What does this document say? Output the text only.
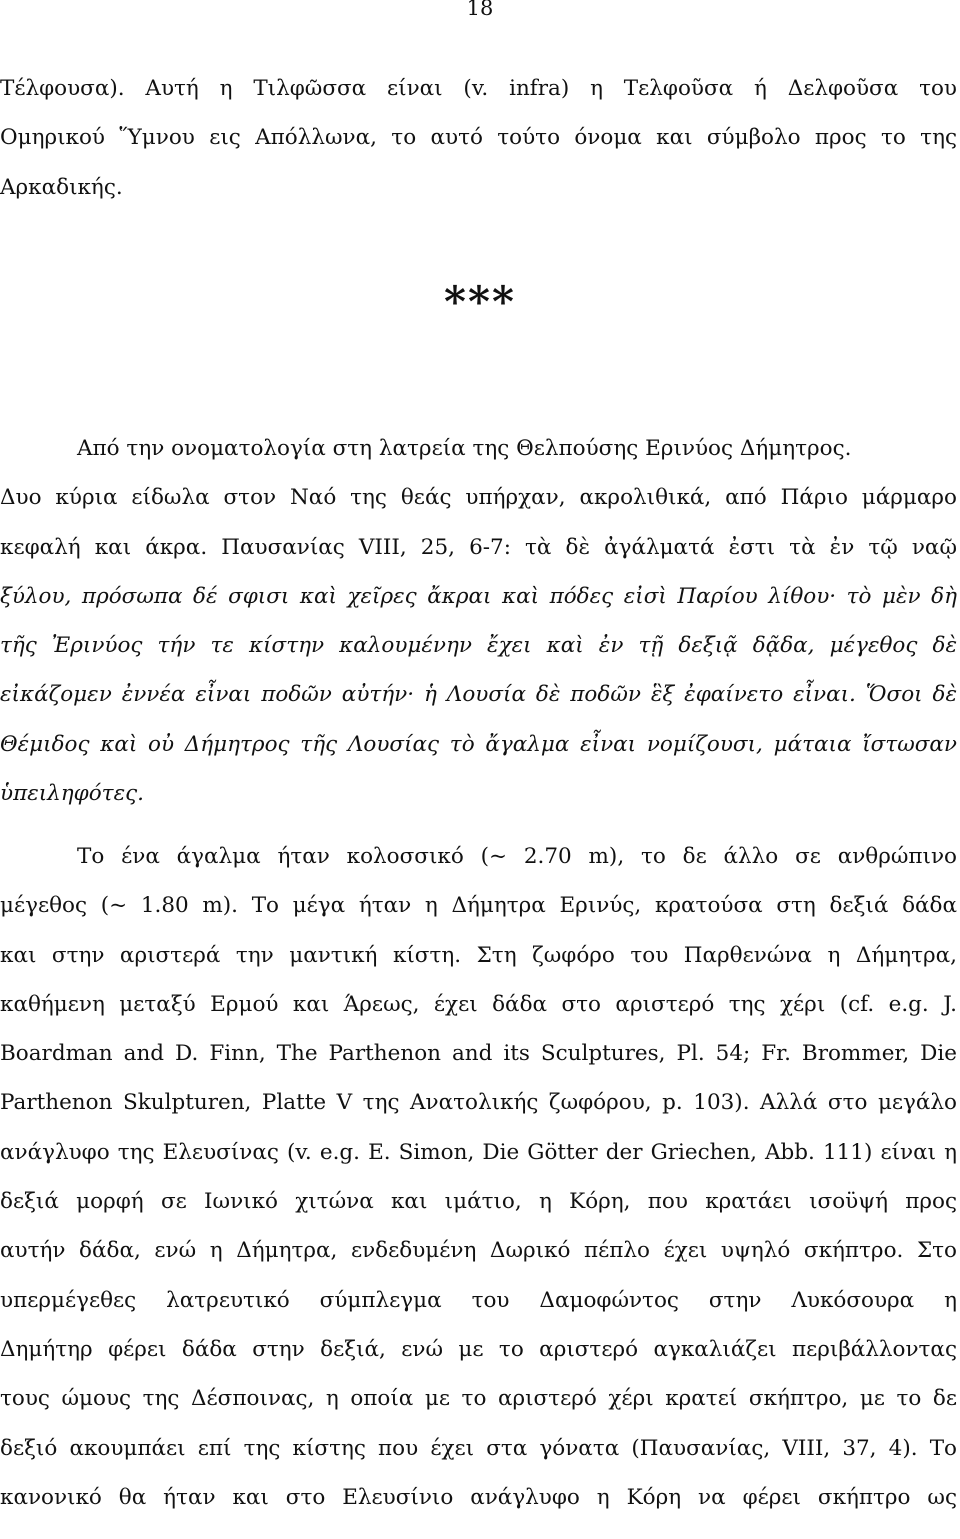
18
Τέλφουσα). Αυτή η Τιλφῶσσα είναι (v. infra) η Τελφοῦσα ή Δελφοῦσα του
Ομηρικού Ὕμνου εις Απόλλωνα, το αυτό τούτο όνομα και σύμβολο προς το της
Αρκαδικής.
***
Από την ονοματολογία στη λατρεία της Θελπούσης Ερινύος Δήμητρος.
Δυο κύρια είδωλα στον Ναό της θεάς υπήρχαν, ακρολιθικά, από Πάριο μάρμαρο
κεφαλή και άκρα. Παυσανίας VIII, 25, 6-7: τὰ δὲ ἀγάλματά ἐστι τὰ ἐν τῷ ναῷ
ξύλου, πρόσωπα δέ σφισι καὶ χεῖρες ἄκραι καὶ πόδες εἰσὶ Παρίου λίθου· τὸ μὲν δὴ
τῆς Ἐρινύος τήν τε κίστην καλουμένην ἔχει καὶ ἐν τῇ δεξιᾷ δᾷδα, μέγεθος δὲ
εἰκάζομεν ἐννέα εἶναι ποδῶν αὐτήν· ἡ Λουσία δὲ ποδῶν ἓξ ἐφαίνετο εἶναι. Ὅσοι δὲ
Θέμιδος καὶ οὐ Δήμητρος τῆς Λουσίας τὸ ἄγαλμα εἶναι νομίζουσι, μάταια ἴστωσαν
ὑπειληφότες.
Το ένα άγαλμα ήταν κολοσσικό (~ 2.70 m), το δε άλλο σε ανθρώπινο
μέγεθος (~ 1.80 m). Το μέγα ήταν η Δήμητρα Ερινύς, κρατούσα στη δεξιά δάδα
και στην αριστερά την μαντική κίστη. Στη ζωφόρο του Παρθενώνα η Δήμητρα,
καθήμενη μεταξύ Ερμού και Άρεως, έχει δάδα στο αριστερό της χέρι (cf. e.g. J.
Boardman and D. Finn, The Parthenon and its Sculptures, Pl. 54; Fr. Brommer, Die
Parthenon Skulpturen, Platte V της Ανατολικής ζωφόρου, p. 103). Αλλά στο μεγάλο
ανάγλυφο της Ελευσίνας (v. e.g. E. Simon, Die Götter der Griechen, Abb. 111) είναι η
δεξιά μορφή σε Ιωνικό χιτώνα και ιμάτιο, η Κόρη, που κρατάει ισοϋψή προς
αυτήν δάδα, ενώ η Δήμητρα, ενδεδυμένη Δωρικό πέπλο έχει υψηλό σκήπτρο. Στο
υπερμέγεθες λατρευτικό σύμπλεγμα του Δαμοφώντος στην Λυκόσουρα η
Δημήτηρ φέρει δάδα στην δεξιά, ενώ με το αριστερό αγκαλιάζει περιβάλλοντας
τους ώμους της Δέσποινας, η οποία με το αριστερό χέρι κρατεί σκήπτρο, με το δε
δεξιό ακουμπάει επί της κίστης που έχει στα γόνατα (Παυσανίας, VIII, 37, 4). Το
κανονικό θα ήταν και στο Ελευσίνιο ανάγλυφο η Κόρη να φέρει σκήπτρο ως
